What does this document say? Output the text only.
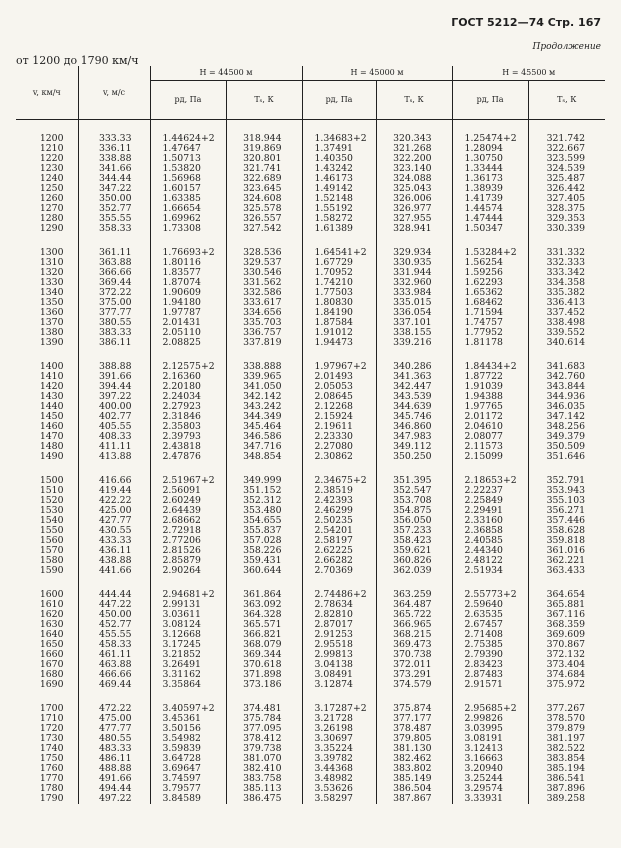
ГОСТ 5212—74 Стр. 167
Продолжение
от 1200 до 1790 км/ч
v, км/ч	v, м/с	H = 44500 м		H = 45000 м		H = 45500 м	
		pд, Па	Tₛ, К	pд, Па	Tₛ, К	pд, Па	Tₛ, К

1200	333.33	1.44624+2	318.944	1.34683+2	320.343	1.25474+2	321.742
1210	336.11	1.47647	319.869	1.37491	321.268	1.28094	322.667
1220	338.88	1.50713	320.801	1.40350	322.200	1.30750	323.599
1230	341.66	1.53820	321.741	1.43242	323.140	1.33444	324.539
1240	344.44	1.56968	322.689	1.46173	324.088	1.36173	325.487
1250	347.22	1.60157	323.645	1.49142	325.043	1.38939	326.442
1260	350.00	1.63385	324.608	1.52148	326.006	1.41739	327.405
1270	352.77	1.66654	325.578	1.55192	326.977	1.44574	328.375
1280	355.55	1.69962	326.557	1.58272	327.955	1.47444	329.353
1290	358.33	1.73308	327.542	1.61389	328.941	1.50347	330.339

1300	361.11	1.76693+2	328.536	1.64541+2	329.934	1.53284+2	331.332
1310	363.88	1.80116	329.537	1.67729	330.935	1.56254	332.333
1320	366.66	1.83577	330.546	1.70952	331.944	1.59256	333.342
1330	369.44	1.87074	331.562	1.74210	332.960	1.62293	334.358
1340	372.22	1.90609	332.586	1.77503	333.984	1.65362	335.382
1350	375.00	1.94180	333.617	1.80830	335.015	1.68462	336.413
1360	377.77	1.97787	334.656	1.84190	336.054	1.71594	337.452
1370	380.55	2.01431	335.703	1.87584	337.101	1.74757	338.498
1380	383.33	2.05110	336.757	1.91012	338.155	1.77952	339.552
1390	386.11	2.08825	337.819	1.94473	339.216	1.81178	340.614

1400	388.88	2.12575+2	338.888	1.97967+2	340.286	1.84434+2	341.683
1410	391.66	2.16360	339.965	2.01493	341.363	1.87722	342.760
1420	394.44	2.20180	341.050	2.05053	342.447	1.91039	343.844
1430	397.22	2.24034	342.142	2.08645	343.539	1.94388	344.936
1440	400.00	2.27923	343.242	2.12268	344.639	1.97765	346.035
1450	402.77	2.31846	344.349	2.15924	345.746	2.01172	347.142
1460	405.55	2.35803	345.464	2.19611	346.860	2.04610	348.256
1470	408.33	2.39793	346.586	2.23330	347.983	2.08077	349.379
1480	411.11	2.43818	347.716	2.27080	349.112	2.11573	350.509
1490	413.88	2.47876	348.854	2.30862	350.250	2.15099	351.646

1500	416.66	2.51967+2	349.999	2.34675+2	351.395	2.18653+2	352.791
1510	419.44	2.56091	351.152	2.38519	352.547	2.22237	353.943
1520	422.22	2.60249	352.312	2.42393	353.708	2.25849	355.103
1530	425.00	2.64439	353.480	2.46299	354.875	2.29491	356.271
1540	427.77	2.68662	354.655	2.50235	356.050	2.33160	357.446
1550	430.55	2.72918	355.837	2.54201	357.233	2.36858	358.628
1560	433.33	2.77206	357.028	2.58197	358.423	2.40585	359.818
1570	436.11	2.81526	358.226	2.62225	359.621	2.44340	361.016
1580	438.88	2.85879	359.431	2.66282	360.826	2.48122	362.221
1590	441.66	2.90264	360.644	2.70369	362.039	2.51934	363.433

1600	444.44	2.94681+2	361.864	2.74486+2	363.259	2.55773+2	364.654
1610	447.22	2.99131	363.092	2.78634	364.487	2.59640	365.881
1620	450.00	3.03611	364.328	2.82810	365.722	2.63535	367.116
1630	452.77	3.08124	365.571	2.87017	366.965	2.67457	368.359
1640	455.55	3.12668	366.821	2.91253	368.215	2.71408	369.609
1650	458.33	3.17245	368.079	2.95518	369.473	2.75385	370.867
1660	461.11	3.21852	369.344	2.99813	370.738	2.79390	372.132
1670	463.88	3.26491	370.618	3.04138	372.011	2.83423	373.404
1680	466.66	3.31162	371.898	3.08491	373.291	2.87483	374.684
1690	469.44	3.35864	373.186	3.12874	374.579	2.91571	375.972

1700	472.22	3.40597+2	374.481	3.17287+2	375.874	2.95685+2	377.267
1710	475.00	3.45361	375.784	3.21728	377.177	2.99826	378.570
1720	477.77	3.50156	377.095	3.26198	378.487	3.03995	379.879
1730	480.55	3.54982	378.412	3.30697	379.805	3.08191	381.197
1740	483.33	3.59839	379.738	3.35224	381.130	3.12413	382.522
1750	486.11	3.64728	381.070	3.39782	382.462	3.16663	383.854
1760	488.88	3.69647	382.410	3.44368	383.802	3.20940	385.194
1770	491.66	3.74597	383.758	3.48982	385.149	3.25244	386.541
1780	494.44	3.79577	385.113	3.53626	386.504	3.29574	387.896
1790	497.22	3.84589	386.475	3.58297	387.867	3.33931	389.258
